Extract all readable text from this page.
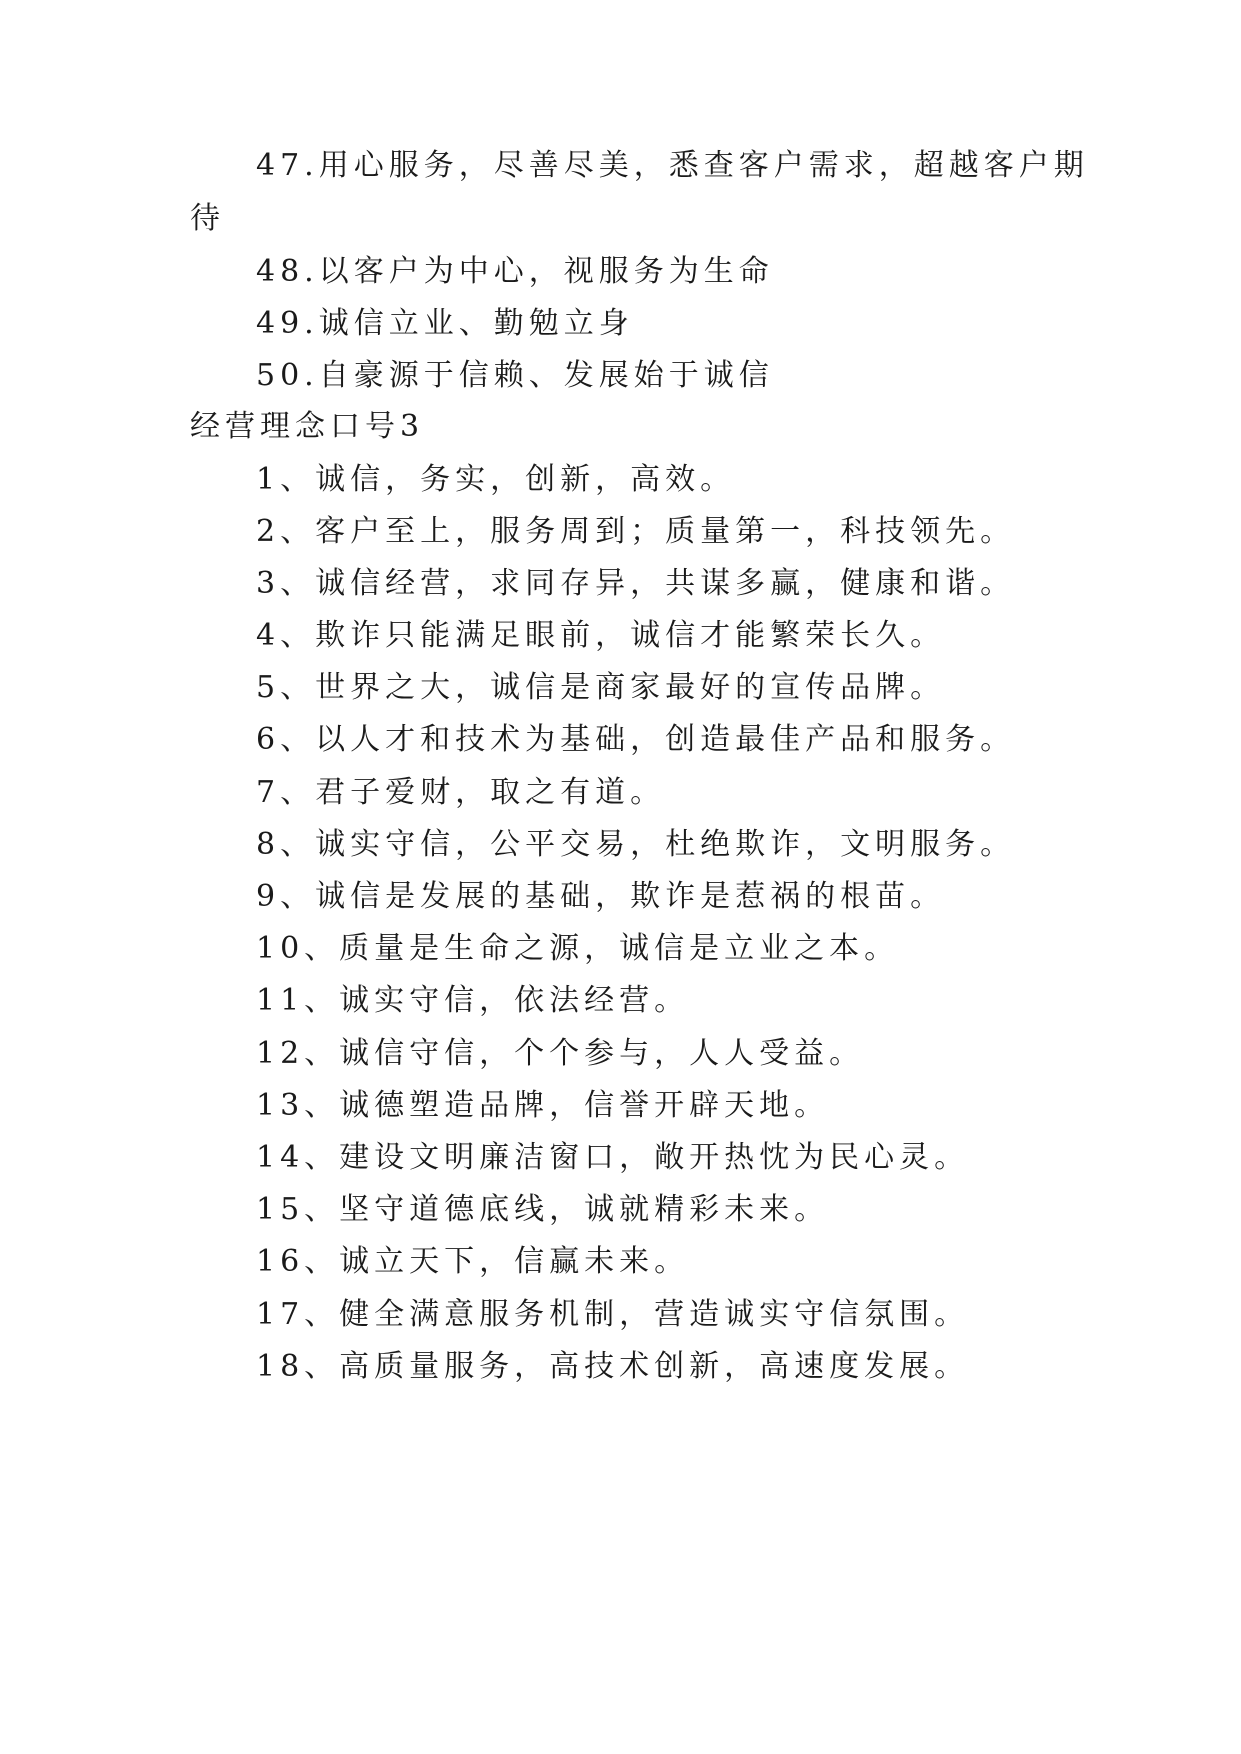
47.用心服务，尽善尽美，悉查客户需求，超越客户期
待
48.以客户为中心，视服务为生命
49.诚信立业、勤勉立身
50.自豪源于信赖、发展始于诚信
经营理念口号3
1、诚信，务实，创新，高效。
2、客户至上，服务周到；质量第一，科技领先。
3、诚信经营，求同存异，共谋多赢，健康和谐。
4、欺诈只能满足眼前，诚信才能繁荣长久。
5、世界之大，诚信是商家最好的宣传品牌。
6、以人才和技术为基础，创造最佳产品和服务。
7、君子爱财，取之有道。
8、诚实守信，公平交易，杜绝欺诈，文明服务。
9、诚信是发展的基础，欺诈是惹祸的根苗。
10、质量是生命之源，诚信是立业之本。
11、诚实守信，依法经营。
12、诚信守信，个个参与，人人受益。
13、诚德塑造品牌，信誉开辟天地。
14、建设文明廉洁窗口，敞开热忱为民心灵。
15、坚守道德底线，诚就精彩未来。
16、诚立天下，信赢未来。
17、健全满意服务机制，营造诚实守信氛围。
18、高质量服务，高技术创新，高速度发展。
